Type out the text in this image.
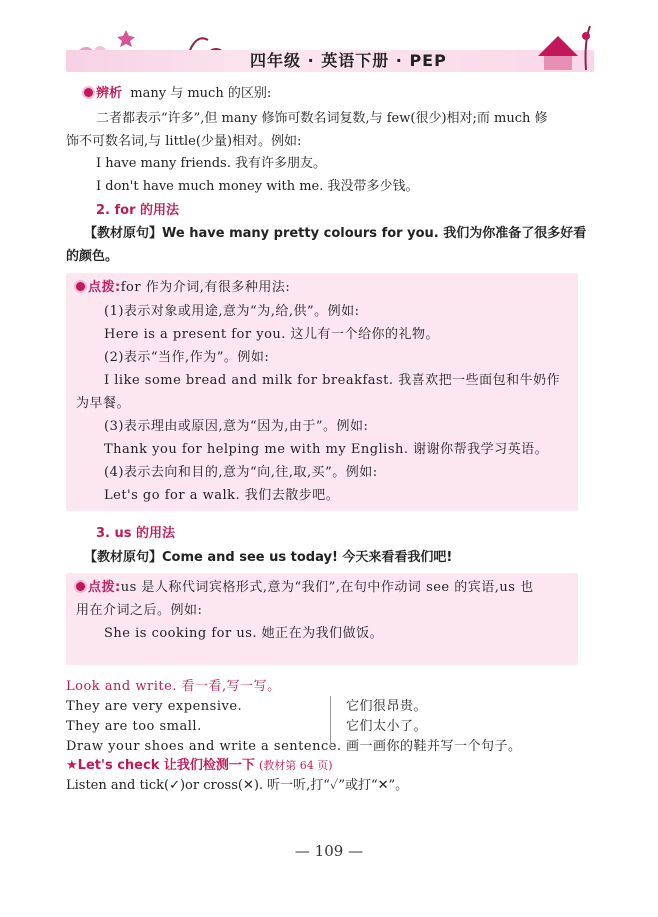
四年级 · 英语下册 · PEP
辨析 many 与 much 的区别:
二者都表示“许多”,但 many 修饰可数名词复数,与 few(很少)相对;而 much 修
饰不可数名词,与 little(少量)相对。例如:
I have many friends. 我有许多朋友。
I don't have much money with me. 我没带多少钱。
2. for 的用法
【教材原句】We have many pretty colours for you. 我们为你准备了很多好看
的颜色。
点拨:for 作为介词,有很多种用法:
(1)表示对象或用途,意为“为,给,供”。例如:
Here is a present for you. 这儿有一个给你的礼物。
(2)表示“当作,作为”。例如:
I like some bread and milk for breakfast. 我喜欢把一些面包和牛奶作
为早餐。
(3)表示理由或原因,意为“因为,由于”。例如:
Thank you for helping me with my English. 谢谢你帮我学习英语。
(4)表示去向和目的,意为“向,往,取,买”。例如:
Let's go for a walk. 我们去散步吧。
3. us 的用法
【教材原句】Come and see us today! 今天来看看我们吧!
点拨:us 是人称代词宾格形式,意为“我们”,在句中作动词 see 的宾语,us 也
用在介词之后。例如:
She is cooking for us. 她正在为我们做饭。
Look and write. 看一看,写一写。
They are very expensive.
They are too small.
Draw your shoes and write a sentence.
它们很昂贵。
它们太小了。
画一画你的鞋并写一个句子。
★Let's check 让我们检测一下 (教材第 64 页)
Listen and tick(✓)or cross(✕). 听一听,打“✓”或打“✕”。
— 109 —
